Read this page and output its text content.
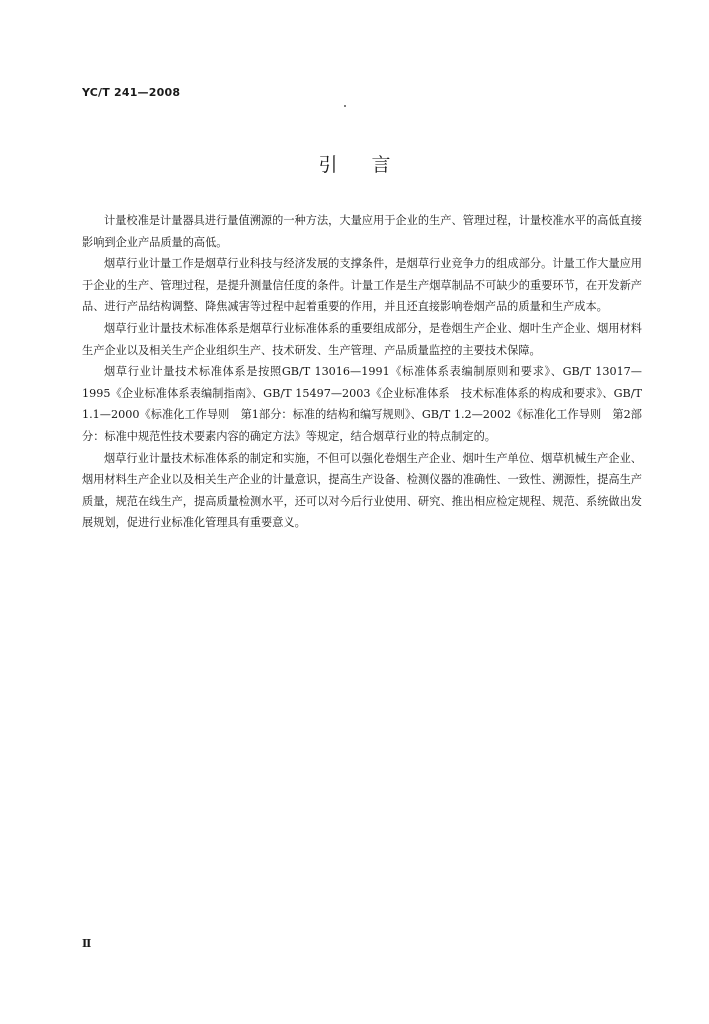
YC/T 241—2008
引言

计量校准是计量器具进行量值溯源的一种方法，大量应用于企业的生产、管理过程，计量校准水平的高低直接影响到企业产品质量的高低。

烟草行业计量工作是烟草行业科技与经济发展的支撑条件，是烟草行业竞争力的组成部分。计量工作大量应用于企业的生产、管理过程，是提升测量信任度的条件。计量工作是生产烟草制品不可缺少的重要环节，在开发新产品、进行产品结构调整、降焦减害等过程中起着重要的作用，并且还直接影响卷烟产品的质量和生产成本。

烟草行业计量技术标准体系是烟草行业标准体系的重要组成部分，是卷烟生产企业、烟叶生产企业、烟用材料生产企业以及相关生产企业组织生产、技术研发、生产管理、产品质量监控的主要技术保障。

烟草行业计量技术标准体系是按照GB/T 13016—1991《标准体系表编制原则和要求》、GB/T 13017—1995《企业标准体系表编制指南》、GB/T 15497—2003《企业标准体系　技术标准体系的构成和要求》、GB/T 1.1—2000《标准化工作导则　第1部分：标准的结构和编写规则》、GB/T 1.2—2002《标准化工作导则　第2部分：标准中规范性技术要素内容的确定方法》等规定，结合烟草行业的特点制定的。

烟草行业计量技术标准体系的制定和实施，不但可以强化卷烟生产企业、烟叶生产单位、烟草机械生产企业、烟用材料生产企业以及相关生产企业的计量意识，提高生产设备、检测仪器的准确性、一致性、溯源性，提高生产质量，规范在线生产，提高质量检测水平，还可以对今后行业使用、研究、推出相应检定规程、规范、系统做出发展规划，促进行业标准化管理具有重要意义。

Ⅱ
